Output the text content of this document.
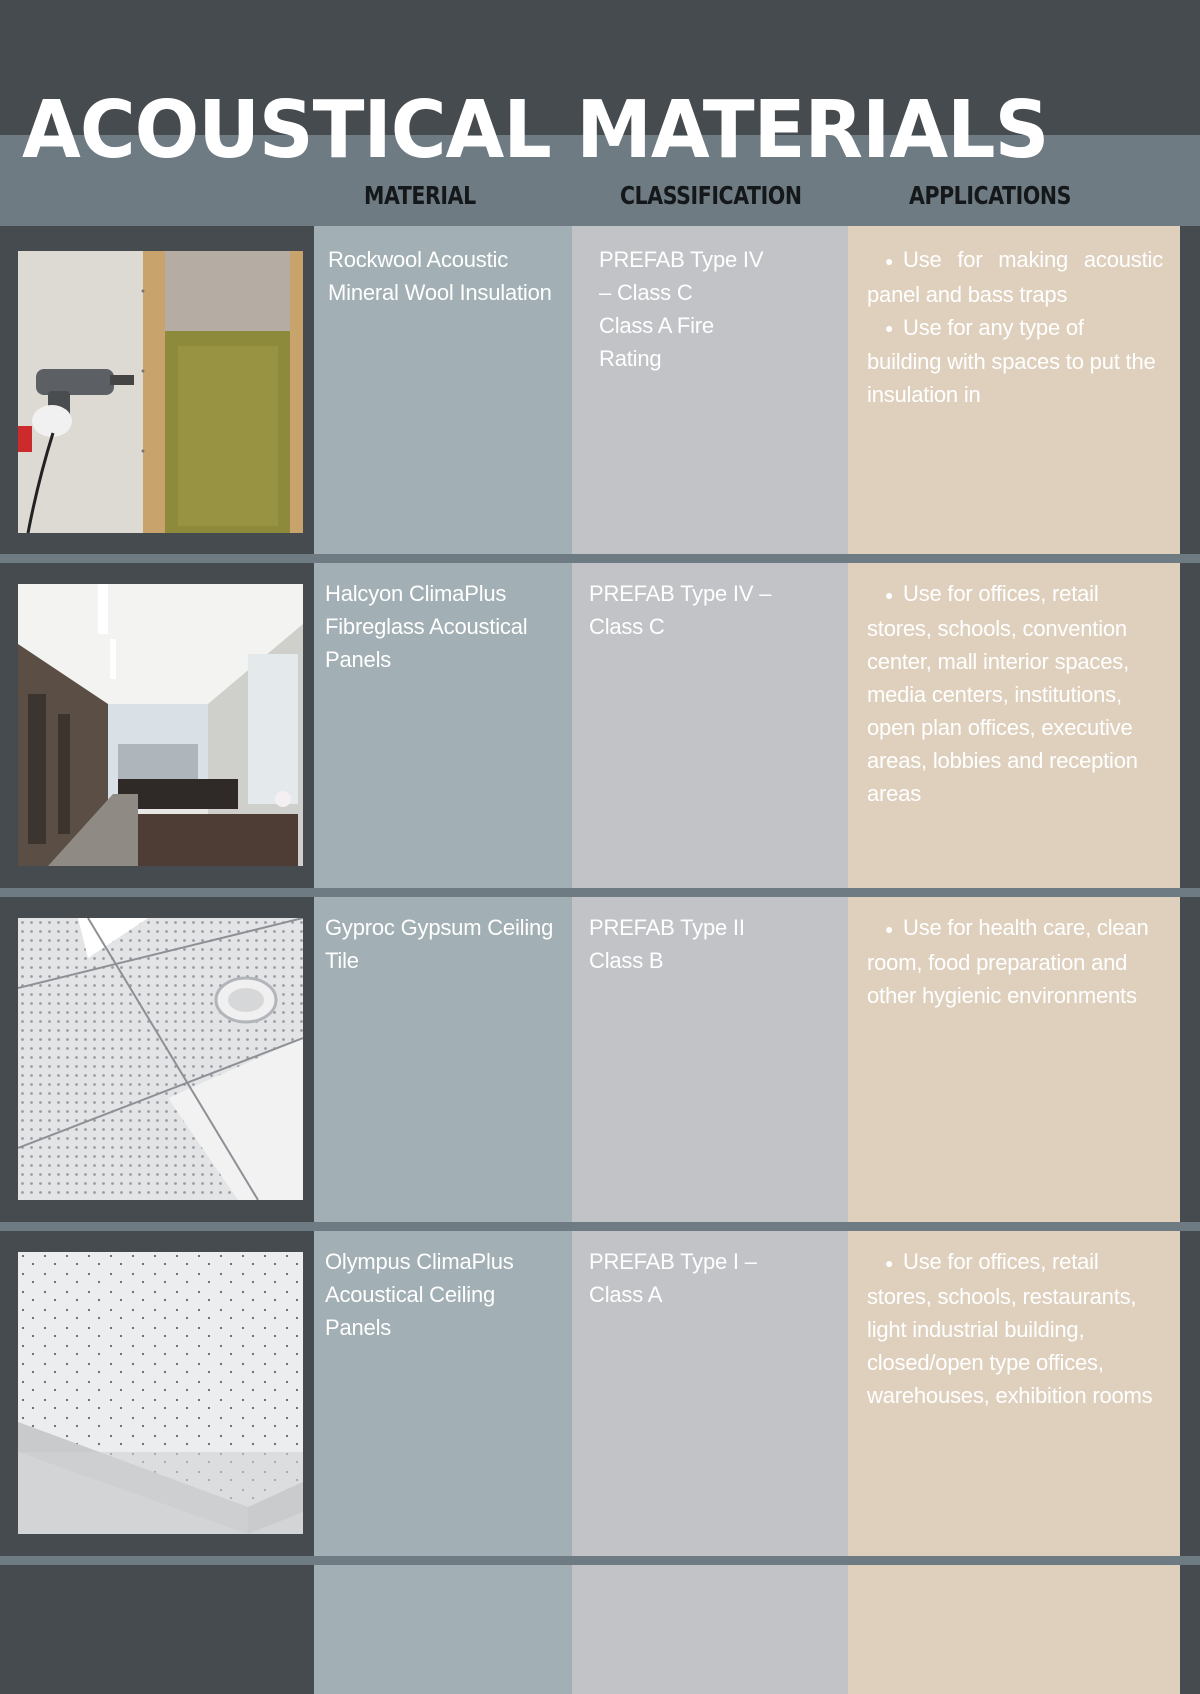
ACOUSTICAL MATERIALS
MATERIAL	CLASSIFICATION	APPLICATIONS
Rockwool Acoustic Mineral Wool Insulation
PREFAB Type IV
– Class C
Class A Fire
Rating

● Use for making acoustic panel and bass traps

● Use for any type of building with spaces to put the insulation in

Halcyon ClimaPlus Fibreglass Acoustical Panels
PREFAB Type IV –
Class C

● Use for offices, retail stores, schools, convention center, mall interior spaces, media centers, institutions, open plan offices, executive areas, lobbies and reception areas

Gyproc Gypsum Ceiling Tile
PREFAB Type II
Class B

● Use for health care, clean room, food preparation and other hygienic environments

Olympus ClimaPlus Acoustical Ceiling Panels
PREFAB Type I –
Class A

● Use for offices, retail stores, schools, restaurants, light industrial building, closed/open type offices, warehouses, exhibition rooms
